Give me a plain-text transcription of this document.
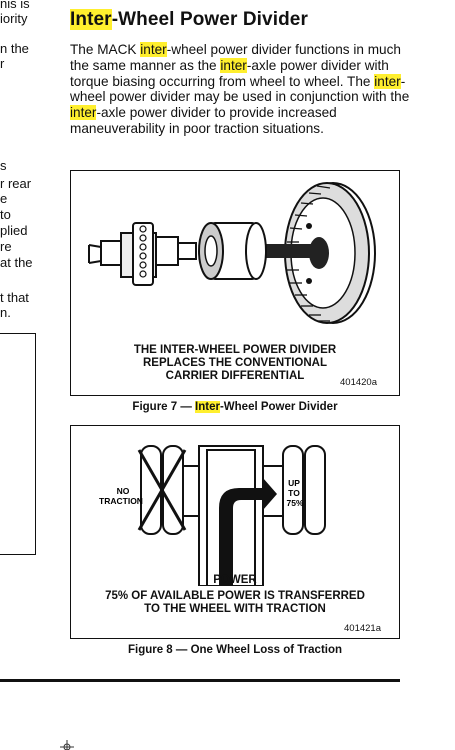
nis is
iority
n the
r
s
r rear
e
to
plied
re
at the
t that
n.
Inter-Wheel Power Divider

The MACK inter-wheel power divider functions in much the same manner as the inter-axle power divider with torque biasing occurring from wheel to wheel. The inter-wheel power divider may be used in conjunction with the inter-axle power divider to provide increased maneuverability in poor traction situations.

THE INTER-WHEEL POWER DIVIDER
REPLACES THE CONVENTIONAL
CARRIER DIFFERENTIAL
401420a
Figure 7 — Inter-Wheel Power Divider
NO
TRACTION
UP
TO
75%
POWER
75% OF AVAILABLE POWER IS TRANSFERRED
TO THE WHEEL WITH TRACTION
401421a
Figure 8 — One Wheel Loss of Traction
